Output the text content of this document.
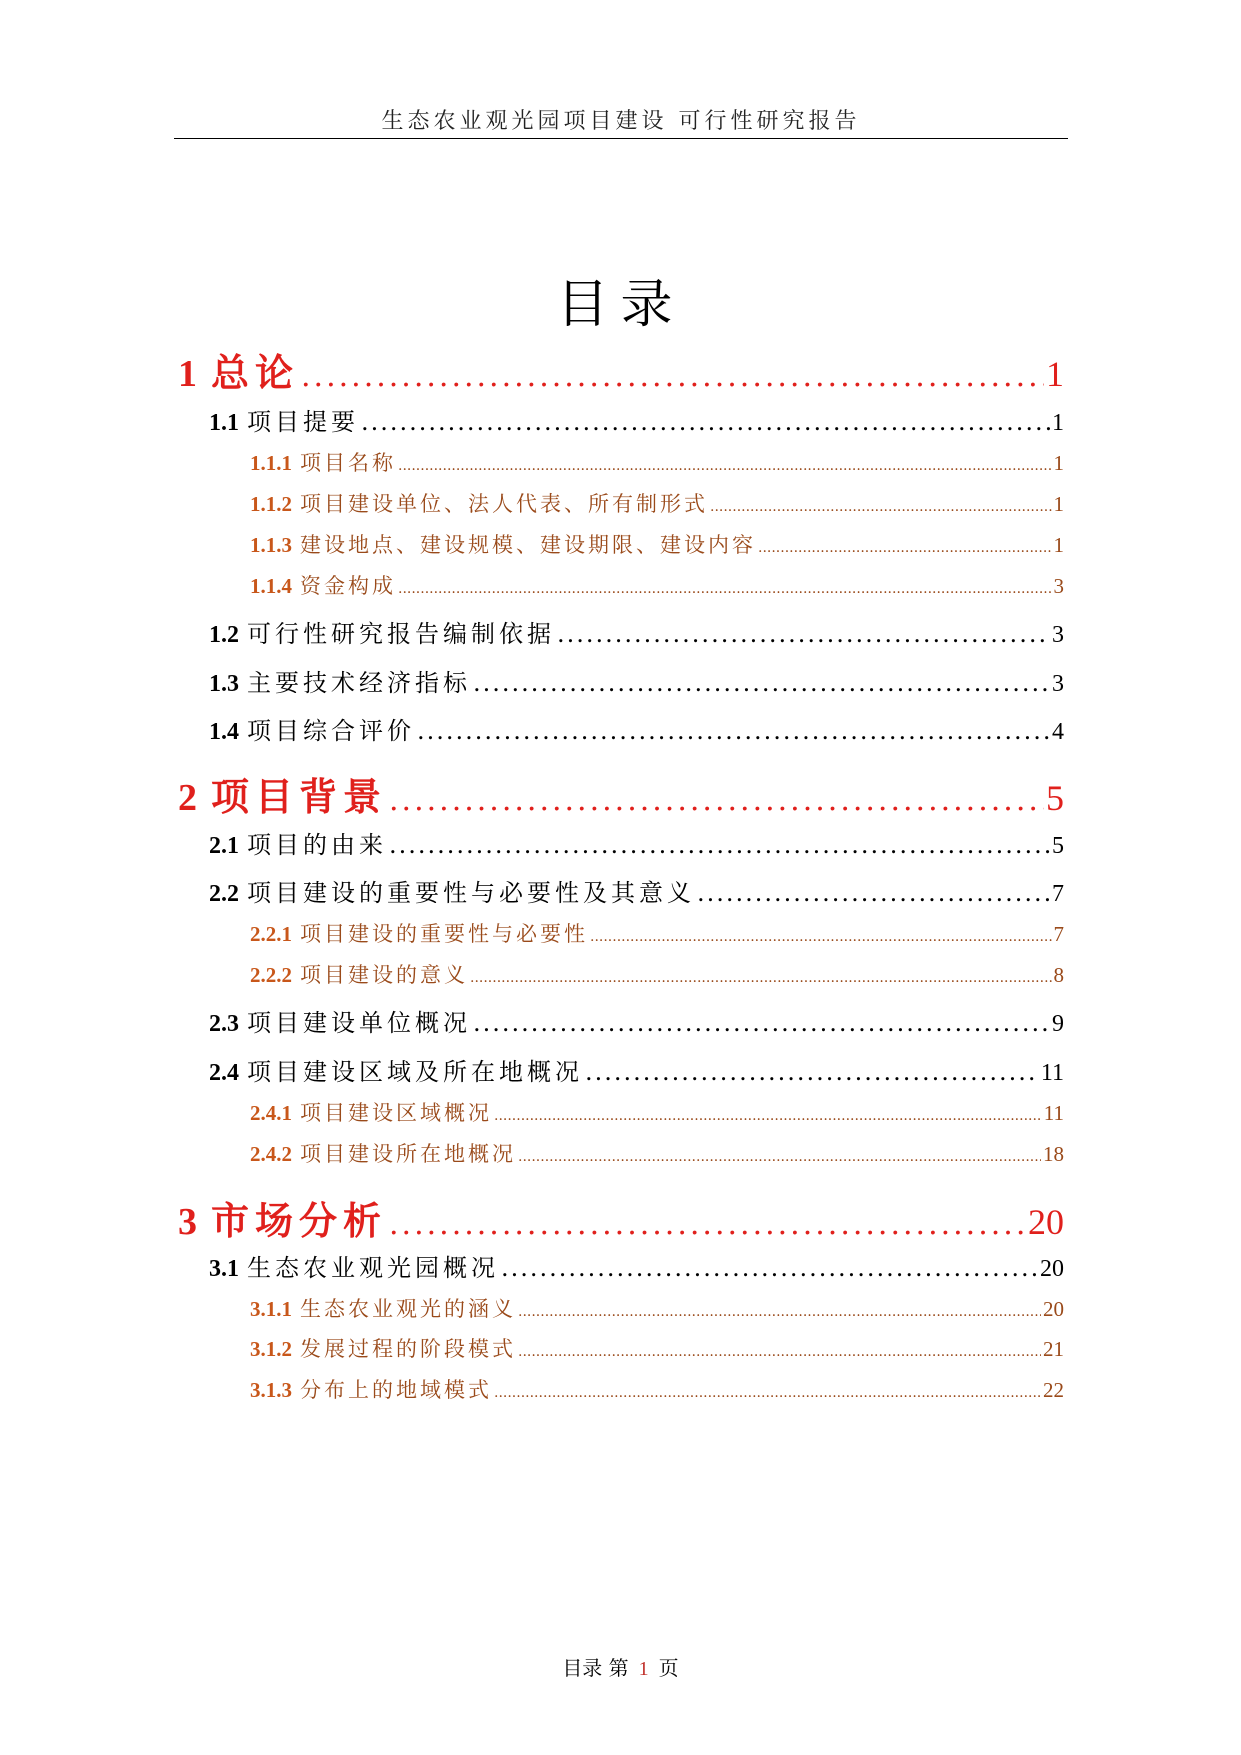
生态农业观光园项目建设 可行性研究报告
目录
1 总论 .....	1
1.1 项目提要 .....	1
1.1.1 项目名称 .....	1
1.1.2 项目建设单位、法人代表、所有制形式 .....	1
1.1.3 建设地点、建设规模、建设期限、建设内容 .....	1
1.1.4 资金构成 .....	3
1.2 可行性研究报告编制依据 .....	3
1.3 主要技术经济指标 .....	3
1.4 项目综合评价 .....	4
2 项目背景 .....	5
2.1 项目的由来 .....	5
2.2 项目建设的重要性与必要性及其意义 .....	7
2.2.1 项目建设的重要性与必要性 .....	7
2.2.2 项目建设的意义 .....	8
2.3 项目建设单位概况 .....	9
2.4 项目建设区域及所在地概况 .....	11
2.4.1 项目建设区域概况 .....	11
2.4.2 项目建设所在地概况 .....	18
3 市场分析 .....	20
3.1 生态农业观光园概况 .....	20
3.1.1 生态农业观光的涵义 .....	20
3.1.2 发展过程的阶段模式 .....	21
3.1.3 分布上的地域模式 .....	22
目录 第 1 页
